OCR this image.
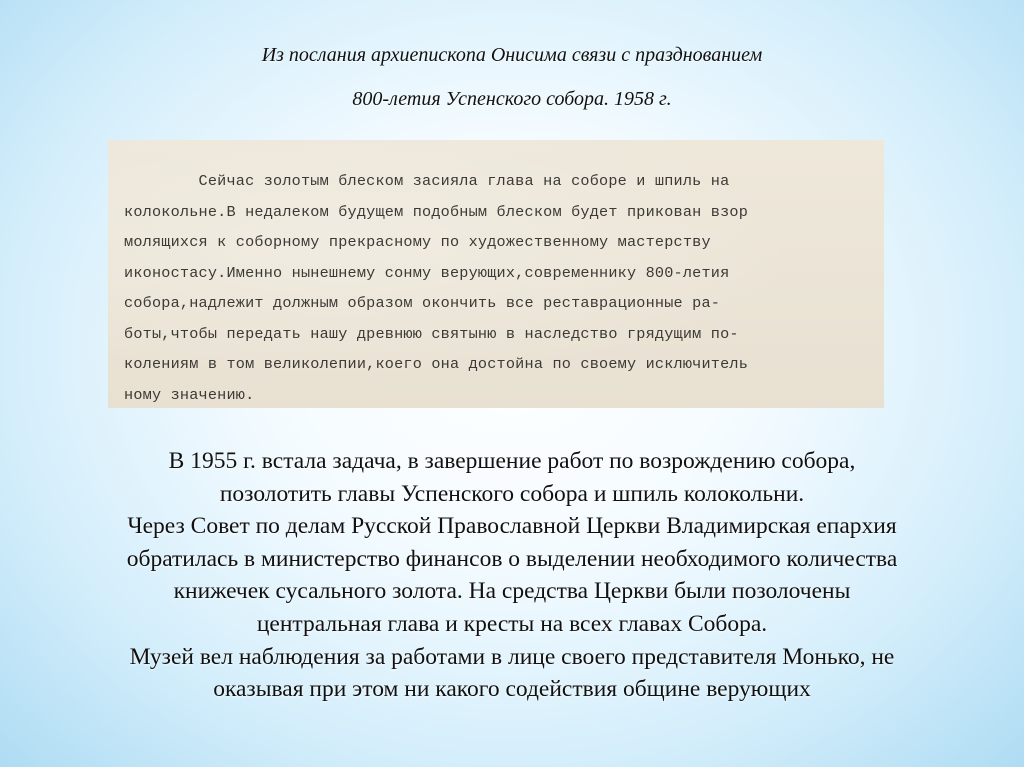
Из послания архиепископа Онисима связи с празднованием
800-летия Успенского собора. 1958 г.
Сейчас золотым блеском засияла глава на соборе и шпиль на
колокольне.В недалеком будущем подобным блеском будет прикован взор
молящихся к соборному прекрасному по художественному мастерству
иконостасу.Именно нынешнему сонму верующих,современнику 800-летия
собора,надлежит должным образом окончить все реставрационные ра-
боты,чтобы передать нашу древнюю святыню в наследство грядущим по-
колениям в том великолепии,коего она достойна по своему исключитель
ному значению.
В 1955 г. встала задача, в завершение работ по возрождению собора,
позолотить главы Успенского собора и шпиль колокольни.
Через Совет по делам Русской Православной Церкви Владимирская епархия
обратилась в министерство финансов о выделении необходимого количества
книжечек сусального золота. На средства Церкви были позолочены
центральная глава и кресты на всех главах Собора.
Музей вел наблюдения за работами в лице своего представителя Монько, не
оказывая при этом ни какого содействия общине верующих
